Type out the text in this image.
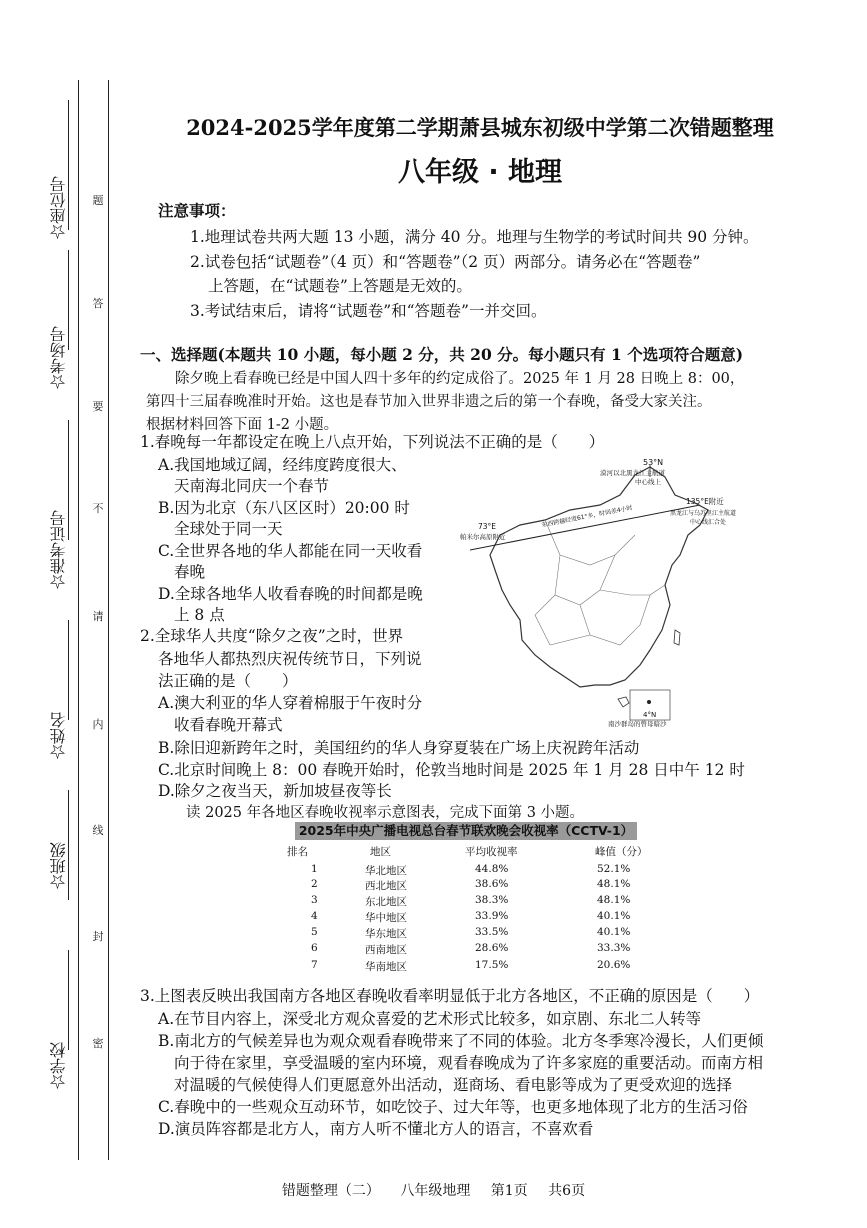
题
答
要
不
请
内
线
封
密
☆座位号
☆考场号
☆准考证号
☆姓名
☆班级
☆学校
2024-2025学年度第二学期萧县城东初级中学第二次错题整理
八年级 · 地理
注意事项：
1.地理试卷共两大题 13 小题，满分 40 分。地理与生物学的考试时间共 90 分钟。
2.试卷包括“试题卷”（4 页）和“答题卷”（2 页）两部分。请务必在“答题卷”
上答题，在“试题卷”上答题是无效的。
3.考试结束后，请将“试题卷”和“答题卷”一并交回。
一、选择题(本题共 10 小题，每小题 2 分，共 20 分。每小题只有 1 个选项符合题意)
除夕晚上看春晚已经是中国人四十多年的约定成俗了。2025 年 1 月 28 日晚上 8：00，
第四十三届春晚准时开始。这也是春节加入世界非遗之后的第一个春晚，备受大家关注。
根据材料回答下面 1-2 小题。
1.春晚每一年都设定在晚上八点开始，下列说法不正确的是（　　）
A.我国地域辽阔，经纬度跨度很大、
天南海北同庆一个春节
B.因为北京（东八区区时）20:00 时
全球处于同一天
C.全世界各地的华人都能在同一天收看
春晚
D.全球各地华人收看春晚的时间都是晚
上 8 点
53°N
漠河以北黑龙江主航道
中心线上
135°E附近
黑龙江与乌苏里江主航道
中心线汇合处
73°E
帕米尔高原附近
东西跨越经度61°多，时间差4小时
4°N
南沙群岛的曾母暗沙
2.全球华人共度“除夕之夜”之时，世界
各地华人都热烈庆祝传统节日，下列说
法正确的是（　　）
A.澳大利亚的华人穿着棉服于午夜时分
收看春晚开幕式
B.除旧迎新跨年之时，美国纽约的华人身穿夏装在广场上庆祝跨年活动
C.北京时间晚上 8：00 春晚开始时，伦敦当地时间是 2025 年 1 月 28 日中午 12 时
D.除夕之夜当天，新加坡昼夜等长
读 2025 年各地区春晚收视率示意图表，完成下面第 3 小题。
2025年中央广播电视总台春节联欢晚会收视率（CCTV-1）
排名	地区	平均收视率	峰值（分）
1	华北地区	44.8%	52.1%
2	西北地区	38.6%	48.1%
3	东北地区	38.3%	48.1%
4	华中地区	33.9%	40.1%
5	华东地区	33.5%	40.1%
6	西南地区	28.6%	33.3%
7	华南地区	17.5%	20.6%
3.上图表反映出我国南方各地区春晚收看率明显低于北方各地区，不正确的原因是（　　）
A.在节目内容上，深受北方观众喜爱的艺术形式比较多，如京剧、东北二人转等
B.南北方的气候差异也为观众观看春晚带来了不同的体验。北方冬季寒冷漫长，人们更倾
向于待在家里，享受温暖的室内环境，观看春晚成为了许多家庭的重要活动。而南方相
对温暖的气候使得人们更愿意外出活动，逛商场、看电影等成为了更受欢迎的选择
C.春晚中的一些观众互动环节，如吃饺子、过大年等，也更多地体现了北方的生活习俗
D.演员阵容都是北方人，南方人听不懂北方人的语言，不喜欢看
错题整理（二） 八年级地理 第1页 共6页
